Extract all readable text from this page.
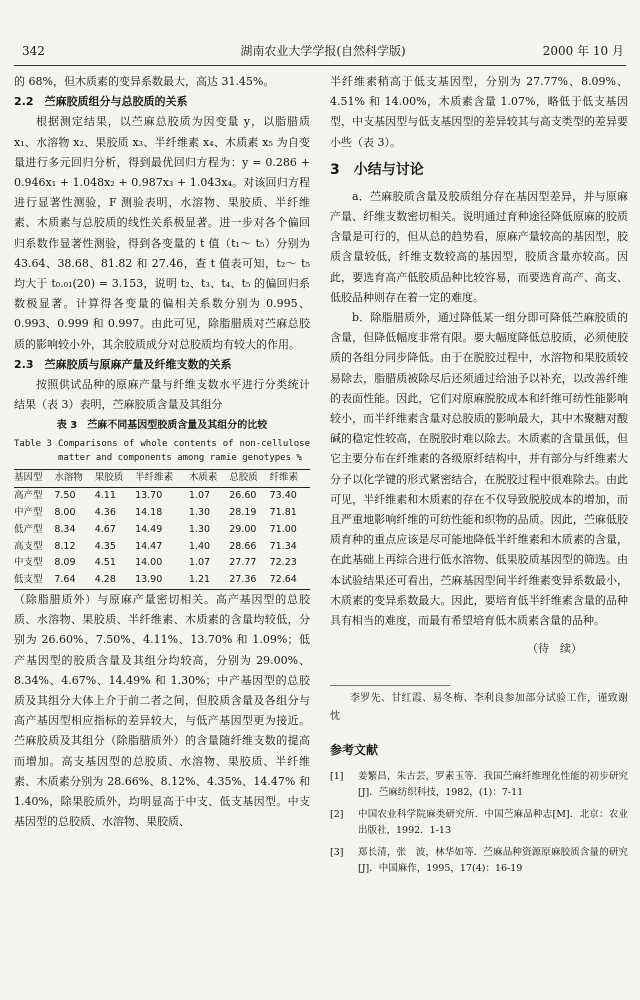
342	湖南农业大学学报(自然科学版)	2000 年 10 月

的 68%，但木质素的变异系数最大，高达 31.45%。

2.2　苎麻胶质组分与总胶质的关系

根据测定结果，以苎麻总胶质为因变量 y，以脂腊质 x₁、水溶物 x₂、果胶质 x₃、半纤维素 x₄、木质素 x₅ 为自变量进行多元回归分析，得到最优回归方程为：y = 0.286 + 0.946x₁ + 1.048x₂ + 0.987x₃ + 1.043x₄。对该回归方程进行显著性测验，F 测验表明，水溶物、果胶质、半纤维素、木质素与总胶质的线性关系极显著。进一步对各个偏回归系数作显著性测验，得到各变量的 t 值（t₁～ t₅）分别为 43.64、38.68、81.82 和 27.46，查 t 值表可知，t₂～ t₅ 均大于 t₀.₀₁(20) = 3.153，说明 t₂、t₃、t₄、t₅ 的偏回归系数极显著。计算得各变量的偏相关系数分别为 0.995、0.993、0.999 和 0.997。由此可见，除脂腊质对苎麻总胶质的影响较小外，其余胶质成分对总胶质均有较大的作用。

2.3　苎麻胶质与原麻产量及纤维支数的关系

按照供试品种的原麻产量与纤维支数水平进行分类统计结果（表 3）表明，苎麻胶质含量及其组分

表 3　苎麻不同基因型胶质含量及其组分的比较
Table 3 Comparisons of whole contents of non-cellulose matter and components among ramie genotypes %
基因型	水溶物	果胶质	半纤维素	木质素	总胶质	纤维素
高产型	7.50	4.11	13.70	1.07	26.60	73.40
中产型	8.00	4.36	14.18	1.30	28.19	71.81
低产型	8.34	4.67	14.49	1.30	29.00	71.00
高支型	8.12	4.35	14.47	1.40	28.66	71.34
中支型	8.09	4.51	14.00	1.07	27.77	72.23
低支型	7.64	4.28	13.90	1.21	27.36	72.64

（除脂腊质外）与原麻产量密切相关。高产基因型的总胶质、水溶物、果胶质、半纤维素、木质素的含量均较低，分别为 26.60%、7.50%、4.11%、13.70% 和 1.09%；低产基因型的胶质含量及其组分均较高，分别为 29.00%、8.34%、4.67%、14.49% 和 1.30%；中产基因型的总胶质及其组分大体上介于前二者之间，但胶质含量及各组分与高产基因型相应指标的差异较大，与低产基因型更为接近。苎麻胶质及其组分（除脂腊质外）的含量随纤维支数的提高而增加。高支基因型的总胶质、水溶物、果胶质、半纤维素、木质素分别为 28.66%、8.12%、4.35%、14.47% 和 1.40%，除果胶质外，均明显高于中支、低支基因型。中支基因型的总胶质、水溶物、果胶质、

半纤维素稍高于低支基因型，分别为 27.77%、8.09%、4.51% 和 14.00%，木质素含量 1.07%，略低于低支基因型，中支基因型与低支基因型的差异较其与高支类型的差异要小些（表 3）。

3　小结与讨论

a．苎麻胶质含量及胶质组分存在基因型差异，并与原麻产量、纤维支数密切相关。说明通过育种途径降低原麻的胶质含量是可行的，但从总的趋势看，原麻产量较高的基因型，胶质含量较低，纤维支数较高的基因型，胶质含量亦较高。因此，要选育高产低胶质品种比较容易，而要选育高产、高支、低胶品种则存在着一定的难度。

b．除脂腊质外，通过降低某一组分即可降低苎麻胶质的含量，但降低幅度非常有限。要大幅度降低总胶质，必须使胶质的各组分同步降低。由于在脱胶过程中，水溶物和果胶质较易除去，脂腊质被除尽后还须通过给油予以补充，以改善纤维的表面性能。因此，它们对原麻脱胶成本和纤维可纺性能影响较小，而半纤维素含量对总胶质的影响最大，其中木聚糖对酸碱的稳定性较高，在脱胶时难以除去。木质素的含量虽低，但它主要分布在纤维素的各级原纤结构中，并有部分与纤维素大分子以化学键的形式紧密结合，在脱胶过程中很难除去。由此可见，半纤维素和木质素的存在不仅导致脱胶成本的增加，而且严重地影响纤维的可纺性能和织物的品质。因此，苎麻低胶质育种的重点应该是尽可能地降低半纤维素和木质素的含量，在此基础上再综合进行低水溶物、低果胶质基因型的筛选。由本试验结果还可看出，苎麻基因型间半纤维素变异系数最小，木质素的变异系数最大。因此，要培育低半纤维素含量的品种具有相当的难度，而最有希望培育低木质素含量的品种。

（待　续）
李罗先、甘红霞、易冬梅、李利良参加部分试验工作，谨致谢忱
参考文献
[1]	姜繁昌，朱古芸，罗素玉等．我国苎麻纤维理化性能的初步研究[J]．苎麻纺织科技，1982，(1)：7-11
[2]	中国农业科学院麻类研究所．中国苎麻品种志[M]．北京：农业出版社，1992．1-13
[3]	郑长清，张　波，林华如等．苎麻品种资源原麻胶质含量的研究[J]．中国麻作，1995，17(4)：16-19
